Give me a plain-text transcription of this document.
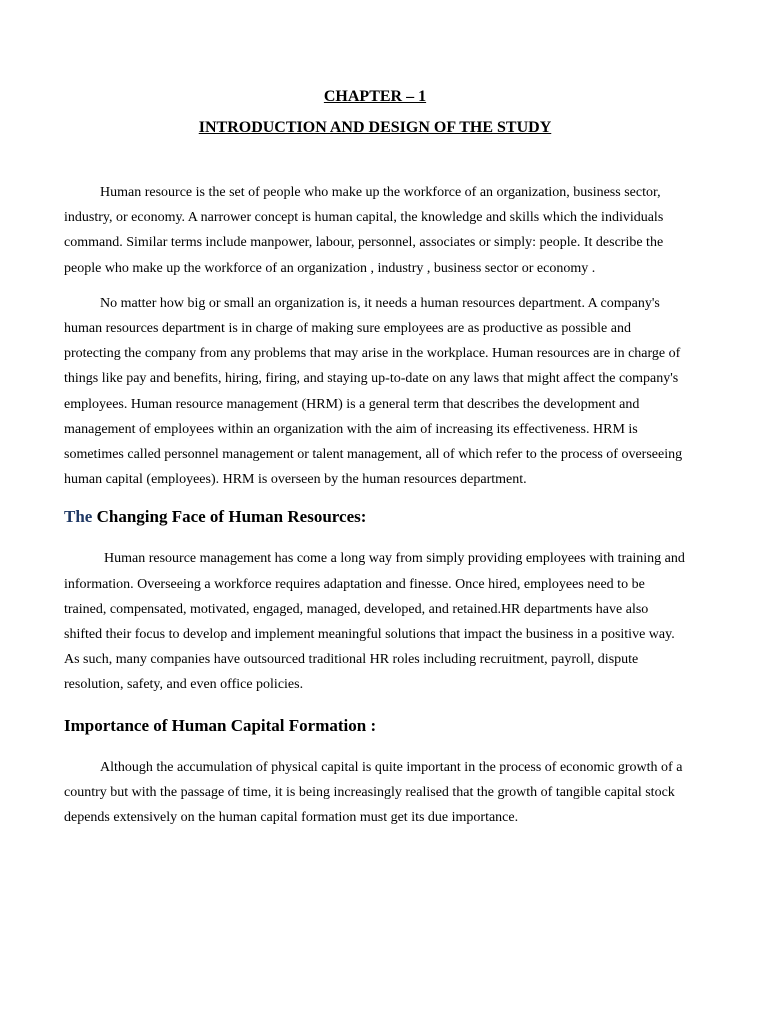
CHAPTER – 1
INTRODUCTION AND DESIGN OF THE STUDY

Human resource is the set of people who make up the workforce of an organization, business sector, industry, or economy. A narrower concept is human capital, the knowledge and skills which the individuals command. Similar terms include manpower, labour, personnel, associates or simply: people. It describe the people who make up the workforce of an organization , industry , business sector or economy .

No matter how big or small an organization is, it needs a human resources department. A company's human resources department is in charge of making sure employees are as productive as possible and protecting the company from any problems that may arise in the workplace. Human resources are in charge of things like pay and benefits, hiring, firing, and staying up-to-date on any laws that might affect the company's employees. Human resource management (HRM) is a general term that describes the development and management of employees within an organization with the aim of increasing its effectiveness. HRM is sometimes called personnel management or talent management, all of which refer to the process of overseeing human capital (employees). HRM is overseen by the human resources department.

The Changing Face of Human Resources:

Human resource management has come a long way from simply providing employees with training and information. Overseeing a workforce requires adaptation and finesse. Once hired, employees need to be trained, compensated, motivated, engaged, managed, developed, and retained.HR departments have also shifted their focus to develop and implement meaningful solutions that impact the business in a positive way. As such, many companies have outsourced traditional HR roles including recruitment, payroll, dispute resolution, safety, and even office policies.

Importance of Human Capital Formation :

Although the accumulation of physical capital is quite important in the process of economic growth of a country but with the passage of time, it is being increasingly realised that the growth of tangible capital stock depends extensively on the human capital formation must get its due importance.
